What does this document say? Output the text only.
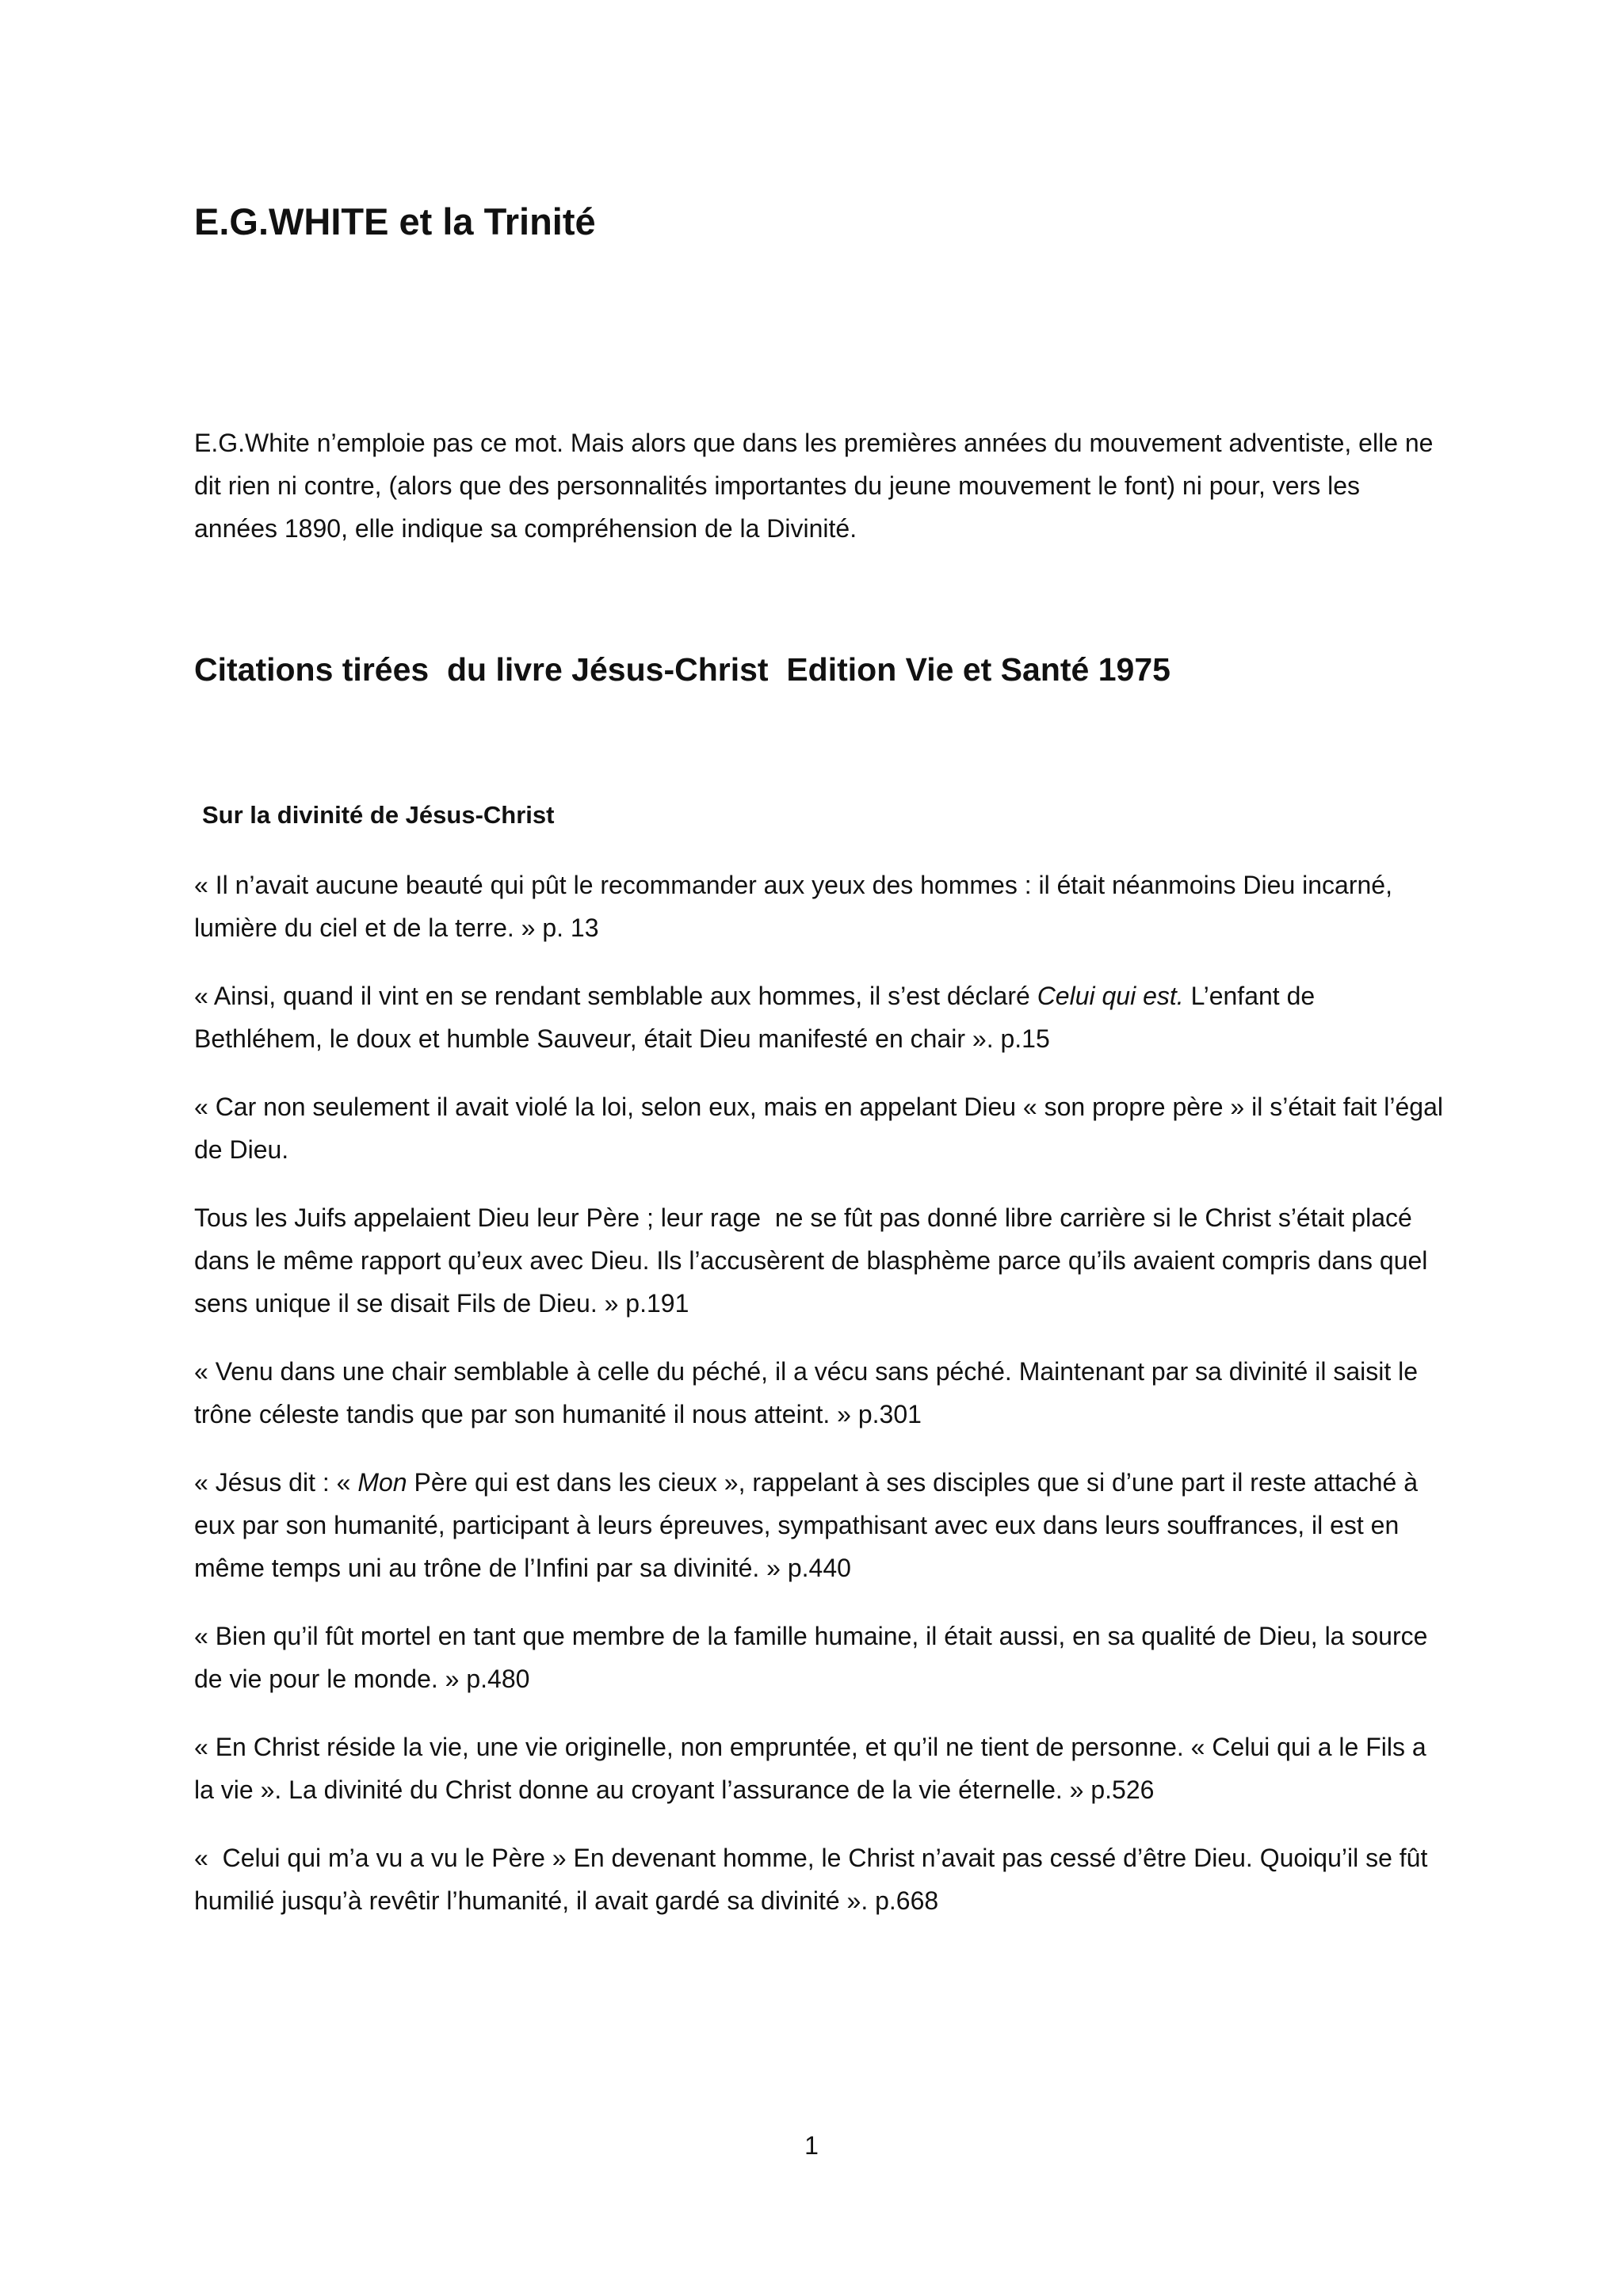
E.G.WHITE et la Trinité

E.G.White n’emploie pas ce mot. Mais alors que dans les premières années du mouvement adventiste, elle ne dit rien ni contre, (alors que des personnalités importantes du jeune mouvement le font) ni pour, vers les années 1890, elle indique sa compréhension de la Divinité.

Citations tirées  du livre Jésus-Christ  Edition Vie et Santé 1975
Sur la divinité de Jésus-Christ

« Il n’avait aucune beauté qui pût le recommander aux yeux des hommes : il était néanmoins Dieu incarné, lumière du ciel et de la terre. » p. 13

« Ainsi, quand il vint en se rendant semblable aux hommes, il s’est déclaré Celui qui est. L’enfant de Bethléhem, le doux et humble Sauveur, était Dieu manifesté en chair ». p.15

« Car non seulement il avait violé la loi, selon eux, mais en appelant Dieu « son propre père » il s’était fait l’égal de Dieu.

Tous les Juifs appelaient Dieu leur Père ; leur rage  ne se fût pas donné libre carrière si le Christ s’était placé dans le même rapport qu’eux avec Dieu. Ils l’accusèrent de blasphème parce qu’ils avaient compris dans quel sens unique il se disait Fils de Dieu. » p.191

« Venu dans une chair semblable à celle du péché, il a vécu sans péché. Maintenant par sa divinité il saisit le trône céleste tandis que par son humanité il nous atteint. » p.301

« Jésus dit : « Mon Père qui est dans les cieux », rappelant à ses disciples que si d’une part il reste attaché à eux par son humanité, participant à leurs épreuves, sympathisant avec eux dans leurs souffrances, il est en même temps uni au trône de l’Infini par sa divinité. » p.440

« Bien qu’il fût mortel en tant que membre de la famille humaine, il était aussi, en sa qualité de Dieu, la source de vie pour le monde. » p.480

« En Christ réside la vie, une vie originelle, non empruntée, et qu’il ne tient de personne. « Celui qui a le Fils a la vie ». La divinité du Christ donne au croyant l’assurance de la vie éternelle. » p.526

«  Celui qui m’a vu a vu le Père » En devenant homme, le Christ n’avait pas cessé d’être Dieu. Quoiqu’il se fût humilié jusqu’à revêtir l’humanité, il avait gardé sa divinité ». p.668

1
